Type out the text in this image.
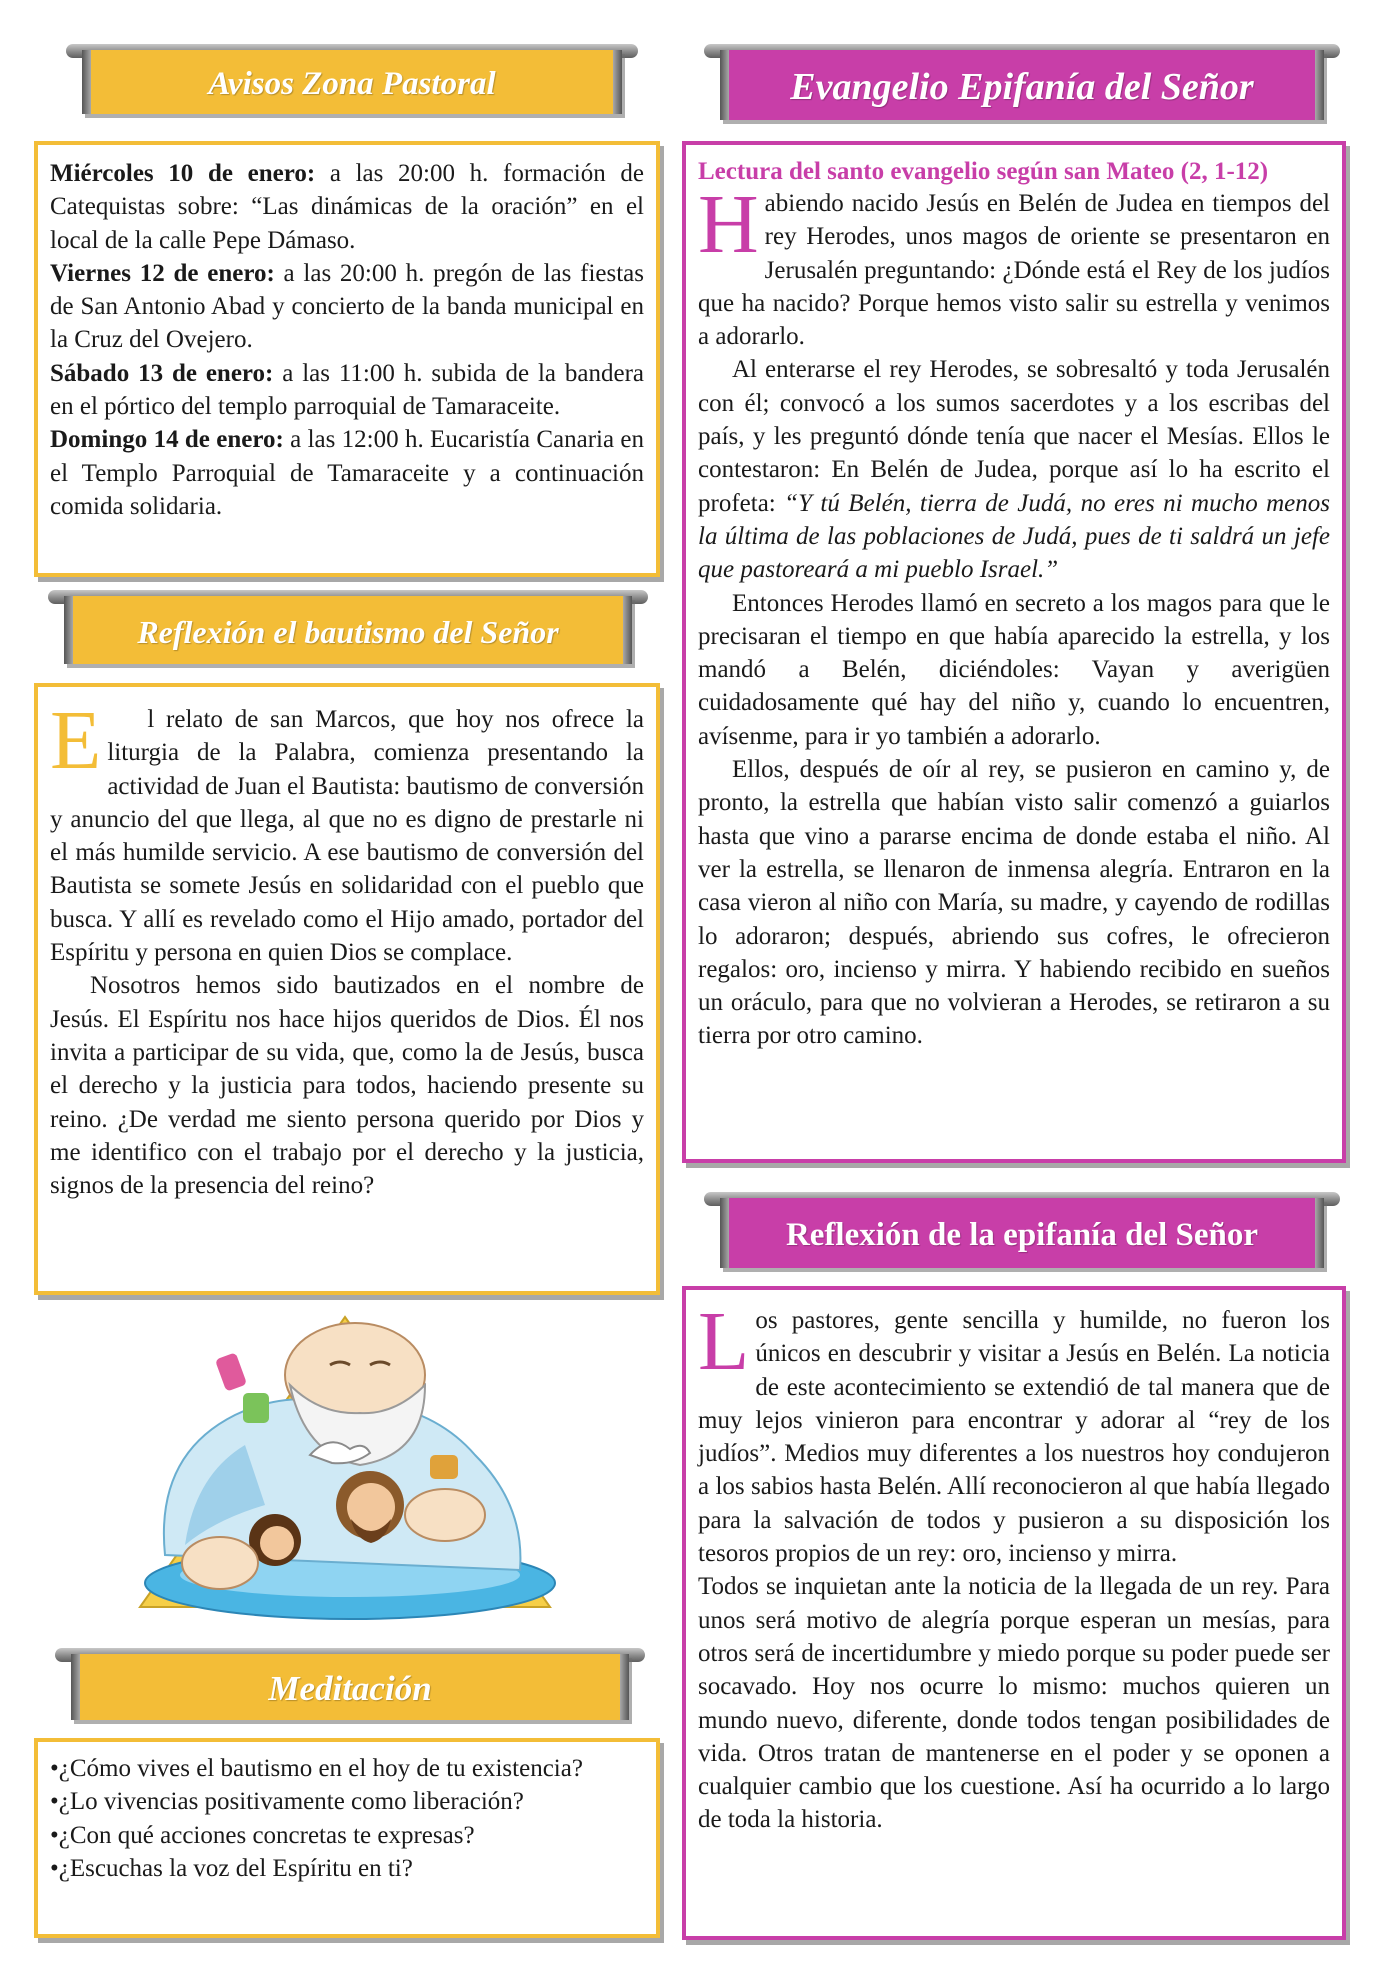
Avisos Zona Pastoral

Miércoles 10 de enero: a las 20:00 h. formación de Catequistas sobre: “Las dinámicas de la oración” en el local de la calle Pepe Dámaso.

Viernes 12 de enero: a las 20:00 h. pregón de las fiestas de San Antonio Abad y concierto de la banda municipal en la Cruz del Ovejero.

Sábado 13 de enero: a las 11:00 h. subida de la bandera en el pórtico del templo parroquial de Tamaraceite.

Domingo 14 de enero: a las 12:00 h. Eucaristía Canaria en el Templo Parroquial de Tamaraceite y a continuación comida solidaria.

Reflexión el bautismo del Señor

E l relato de san Marcos, que hoy nos ofrece la liturgia de la Palabra, comienza presentando la actividad de Juan el Bautista: bautismo de conversión y anuncio del que llega, al que no es digno de prestarle ni el más humilde servicio. A ese bautismo de conversión del Bautista se somete Jesús en solidaridad con el pueblo que busca. Y allí es revelado como el Hijo amado, portador del Espíritu y persona en quien Dios se complace.

Nosotros hemos sido bautizados en el nombre de Jesús. El Espíritu nos hace hijos queridos de Dios. Él nos invita a participar de su vida, que, como la de Jesús, busca el derecho y la justicia para todos, haciendo presente su reino. ¿De verdad me siento persona querido por Dios y me identifico con el trabajo por el derecho y la justicia, signos de la presencia del reino?

Meditación

•¿Cómo vives el bautismo en el hoy de tu existencia?

•¿Lo vivencias positivamente como liberación?

•¿Con qué acciones concretas te expresas?

•¿Escuchas la voz del Espíritu en ti?

Evangelio Epifanía del Señor
Lectura del santo evangelio según san Mateo (2, 1-12)

Habiendo nacido Jesús en Belén de Judea en tiempos del rey Herodes, unos magos de oriente se presentaron en Jerusalén preguntando: ¿Dónde está el Rey de los judíos que ha nacido? Porque hemos visto salir su estrella y venimos a adorarlo.

Al enterarse el rey Herodes, se sobresaltó y toda Jerusalén con él; convocó a los sumos sacerdotes y a los escribas del país, y les preguntó dónde tenía que nacer el Mesías. Ellos le contestaron: En Belén de Judea, porque así lo ha escrito el profeta: “Y tú Belén, tierra de Judá, no eres ni mucho menos la última de las poblaciones de Judá, pues de ti saldrá un jefe que pastoreará a mi pueblo Israel.”

Entonces Herodes llamó en secreto a los magos para que le precisaran el tiempo en que había aparecido la estrella, y los mandó a Belén, diciéndoles: Vayan y averigüen cuidadosamente qué hay del niño y, cuando lo encuentren, avísenme, para ir yo también a adorarlo.

Ellos, después de oír al rey, se pusieron en camino y, de pronto, la estrella que habían visto salir comenzó a guiarlos hasta que vino a pararse encima de donde estaba el niño. Al ver la estrella, se llenaron de inmensa alegría. Entraron en la casa vieron al niño con María, su madre, y cayendo de rodillas lo adoraron; después, abriendo sus cofres, le ofrecieron regalos: oro, incienso y mirra. Y habiendo recibido en sueños un oráculo, para que no volvieran a Herodes, se retiraron a su tierra por otro camino.

Reflexión de la epifanía del Señor

Los pastores, gente sencilla y humilde, no fueron los únicos en descubrir y visitar a Jesús en Belén. La noticia de este acontecimiento se extendió de tal manera que de muy lejos vinieron para encontrar y adorar al “rey de los judíos”. Medios muy diferentes a los nuestros hoy condujeron a los sabios hasta Belén. Allí reconocieron al que había llegado para la salvación de todos y pusieron a su disposición los tesoros propios de un rey: oro, incienso y mirra.

Todos se inquietan ante la noticia de la llegada de un rey. Para unos será motivo de alegría porque esperan un mesías, para otros será de incertidumbre y miedo porque su poder puede ser socavado. Hoy nos ocurre lo mismo: muchos quieren un mundo nuevo, diferente, donde todos tengan posibilidades de vida. Otros tratan de mantenerse en el poder y se oponen a cualquier cambio que los cuestione. Así ha ocurrido a lo largo de toda la historia.
